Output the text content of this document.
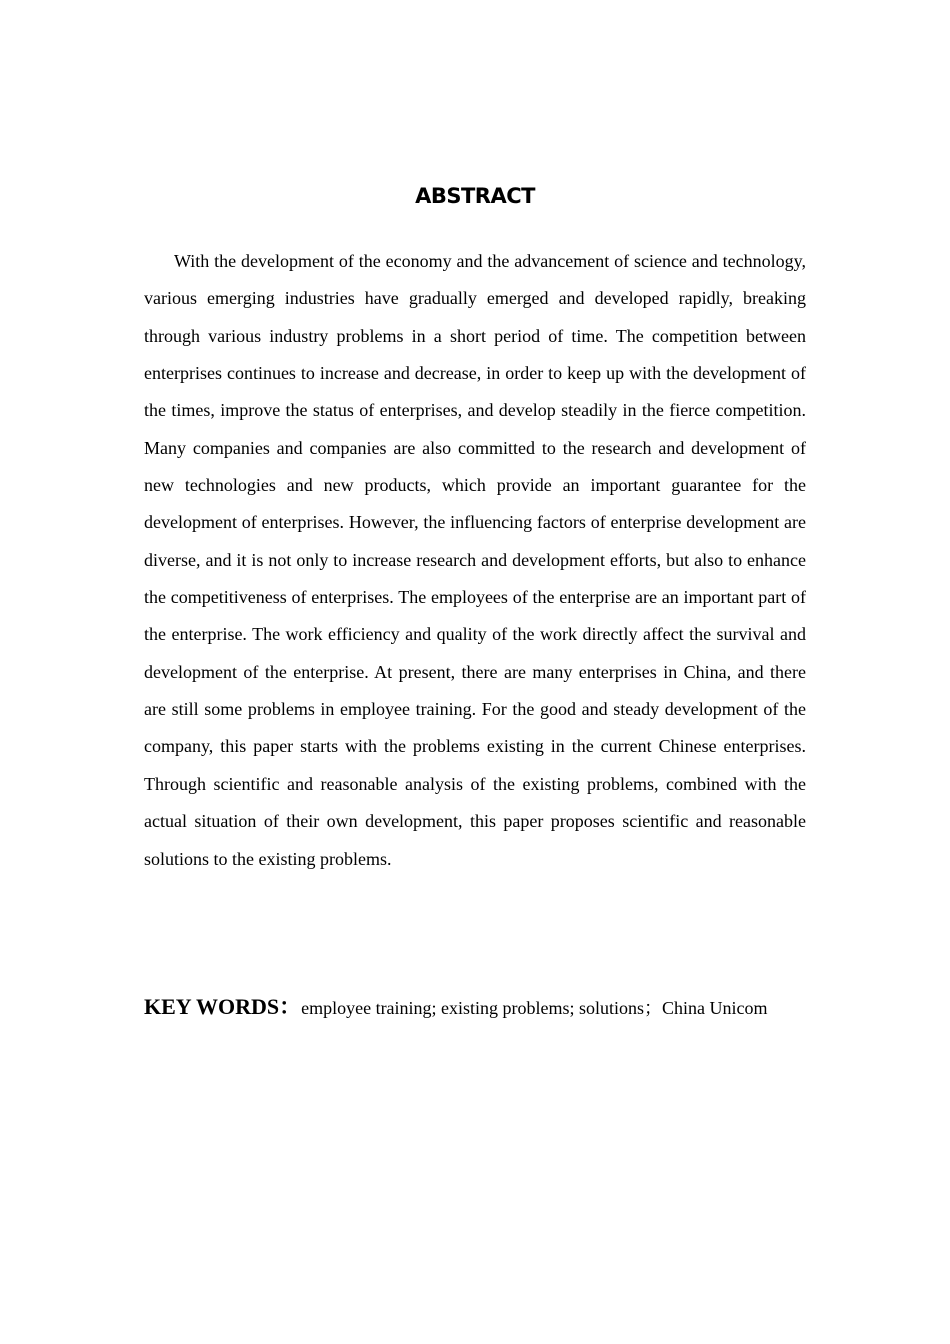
ABSTRACT

With the development of the economy and the advancement of science and technology, various emerging industries have gradually emerged and developed rapidly, breaking through various industry problems in a short period of time. The competition between enterprises continues to increase and decrease, in order to keep up with the development of the times, improve the status of enterprises, and develop steadily in the fierce competition. Many companies and companies are also committed to the research and development of new technologies and new products, which provide an important guarantee for the development of enterprises. However, the influencing factors of enterprise development are diverse, and it is not only to increase research and development efforts, but also to enhance the competitiveness of enterprises. The employees of the enterprise are an important part of the enterprise. The work efficiency and quality of the work directly affect the survival and development of the enterprise. At present, there are many enterprises in China, and there are still some problems in employee training. For the good and steady development of the company, this paper starts with the problems existing in the current Chinese enterprises. Through scientific and reasonable analysis of the existing problems, combined with the actual situation of their own development, this paper proposes scientific and reasonable solutions to the existing problems.

KEY WORDS：employee training; existing problems; solutions；China Unicom
